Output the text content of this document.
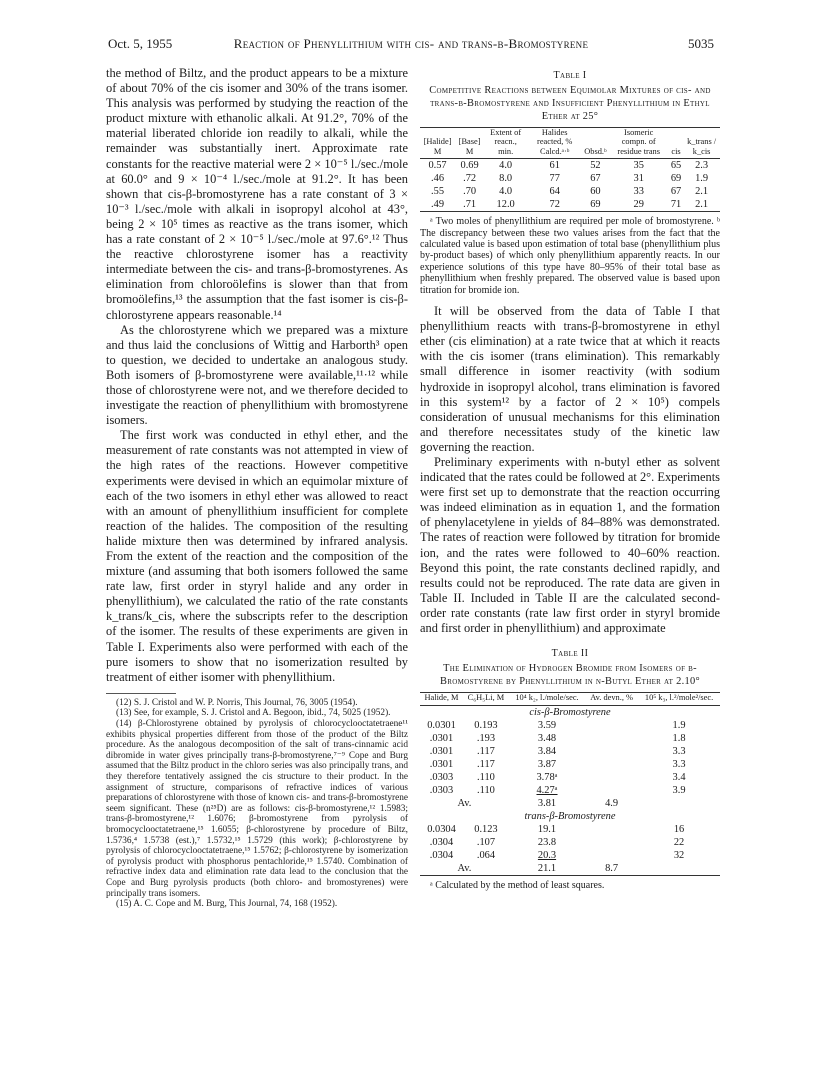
Oct. 5, 1955	Reaction of Phenyllithium with cis- and trans-β-Bromostyrene	5035

the method of Biltz, and the product appears to be a mixture of about 70% of the cis isomer and 30% of the trans isomer. This analysis was performed by studying the reaction of the product mixture with ethanolic alkali. At 91.2°, 70% of the material liberated chloride ion readily to alkali, while the remainder was substantially inert. Approximate rate constants for the reactive material were 2 × 10⁻⁵ l./sec./mole at 60.0° and 9 × 10⁻⁴ l./sec./mole at 91.2°. It has been shown that cis-β-bromostyrene has a rate constant of 3 × 10⁻³ l./sec./mole with alkali in isopropyl alcohol at 43°, being 2 × 10⁵ times as reactive as the trans isomer, which has a rate constant of 2 × 10⁻⁵ l./sec./mole at 97.6°.¹² Thus the reactive chlorostyrene isomer has a reactivity intermediate between the cis- and trans-β-bromostyrenes. As elimination from chloroölefins is slower than that from bromoölefins,¹³ the assumption that the fast isomer is cis-β-chlorostyrene appears reasonable.¹⁴

As the chlorostyrene which we prepared was a mixture and thus laid the conclusions of Wittig and Harborth³ open to question, we decided to undertake an analogous study. Both isomers of β-bromostyrene were available,¹¹·¹² while those of chlorostyrene were not, and we therefore decided to investigate the reaction of phenyllithium with bromostyrene isomers.

The first work was conducted in ethyl ether, and the measurement of rate constants was not attempted in view of the high rates of the reactions. However competitive experiments were devised in which an equimolar mixture of each of the two isomers in ethyl ether was allowed to react with an amount of phenyllithium insufficient for complete reaction of the halides. The composition of the resulting halide mixture then was determined by infrared analysis. From the extent of the reaction and the composition of the mixture (and assuming that both isomers followed the same rate law, first order in styryl halide and any order in phenyllithium), we calculated the ratio of the rate constants k_trans/k_cis, where the subscripts refer to the description of the isomer. The results of these experiments are given in Table I. Experiments also were performed with each of the pure isomers to show that no isomerization resulted by treatment of either isomer with phenyllithium.

(12) S. J. Cristol and W. P. Norris, This Journal, 76, 3005 (1954).

(13) See, for example, S. J. Cristol and A. Begoon, ibid., 74, 5025 (1952).

(14) β-Chlorostyrene obtained by pyrolysis of chlorocyclooctatetraene¹¹ exhibits physical properties different from those of the product of the Biltz procedure. As the analogous decomposition of the salt of trans-cinnamic acid dibromide in water gives principally trans-β-bromostyrene,⁷⁻⁹ Cope and Burg assumed that the Biltz product in the chloro series was also principally trans, and they therefore tentatively assigned the cis structure to their product. In the assignment of structure, comparisons of refractive indices of various preparations of chlorostyrene with those of known cis- and trans-β-bromostyrene seem significant. These (n²⁵D) are as follows: cis-β-bromostyrene,¹² 1.5983; trans-β-bromostyrene,¹² 1.6076; β-bromostyrene from pyrolysis of bromocyclooctatetraene,¹⁵ 1.6055; β-chlorostyrene by procedure of Biltz, 1.5736,⁴ 1.5738 (est.),⁷ 1.5732,¹⁵ 1.5729 (this work); β-chlorostyrene by pyrolysis of chlorocyclooctatetraene,¹⁵ 1.5762; β-chlorostyrene by isomerization of pyrolysis product with phosphorus pentachloride,¹⁵ 1.5740. Combination of refractive index data and elimination rate data lead to the conclusion that the Cope and Burg pyrolysis products (both chloro- and bromostyrenes) were principally trans isomers.

(15) A. C. Cope and M. Burg, This Journal, 74, 168 (1952).

Table I
Competitive Reactions between Equimolar Mixtures of cis- and trans-β-Bromostyrene and Insufficient Phenyllithium in Ethyl Ether at 25°
[Halide] M	[Base] M	Extent of reacn., min.	Halides reacted, % Calcd.ᵃ·ᵇ	Obsd.ᵇ	Isomeric compn. of residue trans	cis	k_trans / k_cis
0.57	0.69	4.0	61	52	35	65	2.3
.46	.72	8.0	77	67	31	69	1.9
.55	.70	4.0	64	60	33	67	2.1
.49	.71	12.0	72	69	29	71	2.1

ᵃ Two moles of phenyllithium are required per mole of bromostyrene. ᵇ The discrepancy between these two values arises from the fact that the calculated value is based upon estimation of total base (phenyllithium plus by-product bases) of which only phenyllithium apparently reacts. In our experience solutions of this type have 80–95% of their total base as phenyllithium when freshly prepared. The observed value is based upon titration for bromide ion.

It will be observed from the data of Table I that phenyllithium reacts with trans-β-bromostyrene in ethyl ether (cis elimination) at a rate twice that at which it reacts with the cis isomer (trans elimination). This remarkably small difference in isomer reactivity (with sodium hydroxide in isopropyl alcohol, trans elimination is favored in this system¹² by a factor of 2 × 10⁵) compels consideration of unusual mechanisms for this elimination and therefore necessitates study of the kinetic law governing the reaction.

Preliminary experiments with n-butyl ether as solvent indicated that the rates could be followed at 2°. Experiments were first set up to demonstrate that the reaction occurring was indeed elimination as in equation 1, and the formation of phenylacetylene in yields of 84–88% was demonstrated. The rates of reaction were followed by titration for bromide ion, and the rates were followed to 40–60% reaction. Beyond this point, the rate constants declined rapidly, and results could not be reproduced. The rate data are given in Table II. Included in Table II are the calculated second-order rate constants (rate law first order in styryl bromide and first order in phenyllithium) and approximate

Table II
The Elimination of Hydrogen Bromide from Isomers of β-Bromostyrene by Phenyllithium in n-Butyl Ether at 2.10°
Halide, M	C₆H₅Li, M	10⁴ k₂, l./mole/sec.	Av. devn., %	10⁵ k₃, l.²/mole²/sec.
cis-β-Bromostyrene				
0.0301	0.193	3.59		1.9
.0301	.193	3.48		1.8
.0301	.117	3.84		3.3
.0301	.117	3.87		3.3
.0303	.110	3.78ᵃ		3.4
.0303	.110	4.27ᵃ		3.9
Av.		3.81	4.9	
trans-β-Bromostyrene				
0.0304	0.123	19.1		16
.0304	.107	23.8		22
.0304	.064	20.3		32
Av.		21.1	8.7	

ᵃ Calculated by the method of least squares.
